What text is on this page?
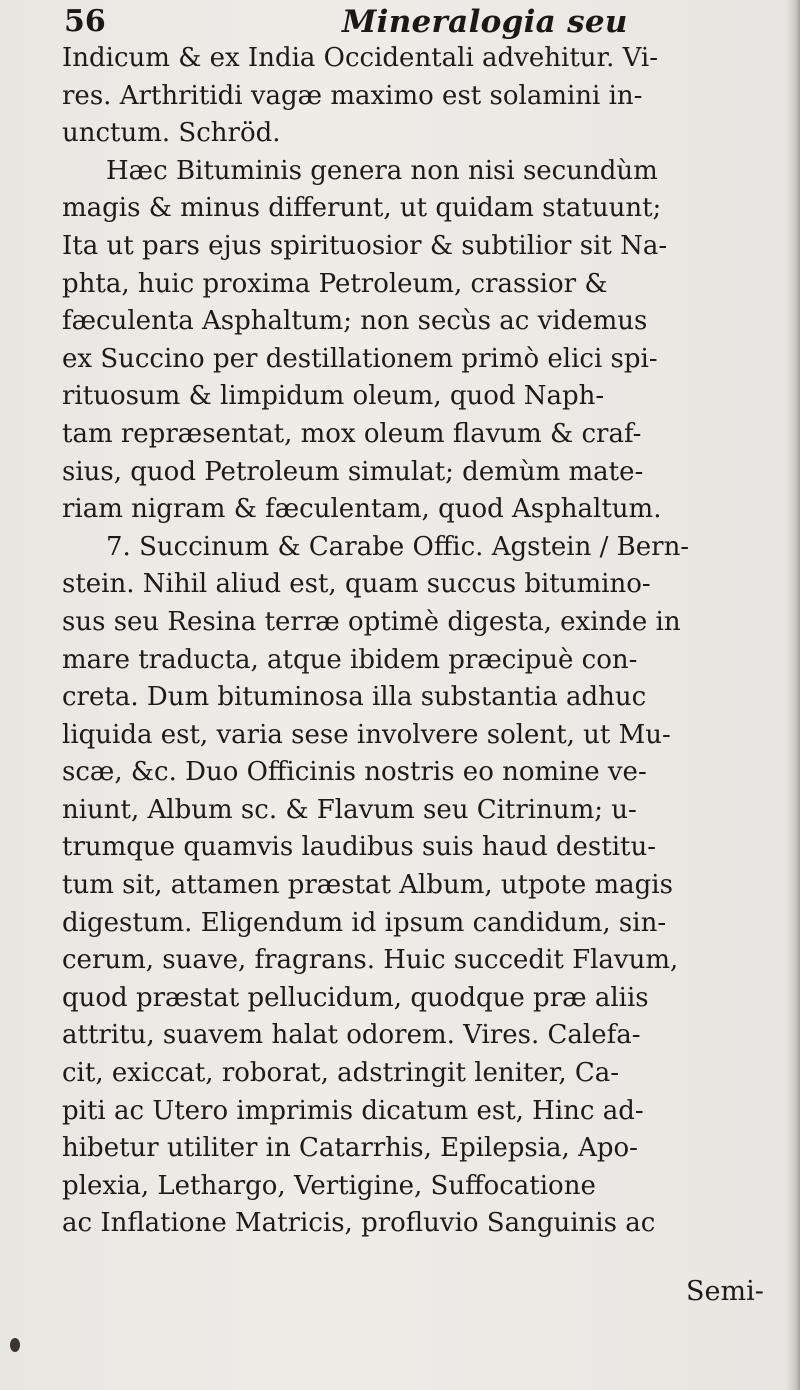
56	Mineralogia seu
Indicum & ex India Occidentali advehitur. Vi-
res. Arthritidi vagæ maximo est solamini in-
unctum. Schröd.
Hæc Bituminis genera non nisi secundùm
magis & minus differunt, ut quidam statuunt;
Ita ut pars ejus spirituosior & subtilior sit Na-
phta, huic proxima Petroleum, crassior &
fæculenta Asphaltum; non secùs ac videmus
ex Succino per destillationem primò elici spi-
rituosum & limpidum oleum, quod Naph-
tam repræsentat, mox oleum flavum & craf-
sius, quod Petroleum simulat; demùm mate-
riam nigram & fæculentam, quod Asphaltum.
7. Succinum & Carabe Offic. Agstein / Bern-
stein. Nihil aliud est, quam succus bitumino-
sus seu Resina terræ optimè digesta, exinde in
mare traducta, atque ibidem præcipuè con-
creta. Dum bituminosa illa substantia adhuc
liquida est, varia sese involvere solent, ut Mu-
scæ, &c. Duo Officinis nostris eo nomine ve-
niunt, Album sc. & Flavum seu Citrinum; u-
trumque quamvis laudibus suis haud destitu-
tum sit, attamen præstat Album, utpote magis
digestum. Eligendum id ipsum candidum, sin-
cerum, suave, fragrans. Huic succedit Flavum,
quod præstat pellucidum, quodque præ aliis
attritu, suavem halat odorem. Vires. Calefa-
cit, exiccat, roborat, adstringit leniter, Ca-
piti ac Utero imprimis dicatum est, Hinc ad-
hibetur utiliter in Catarrhis, Epilepsia, Apo-
plexia, Lethargo, Vertigine, Suffocatione
ac Inflatione Matricis, profluvio Sanguinis ac
Semi-
